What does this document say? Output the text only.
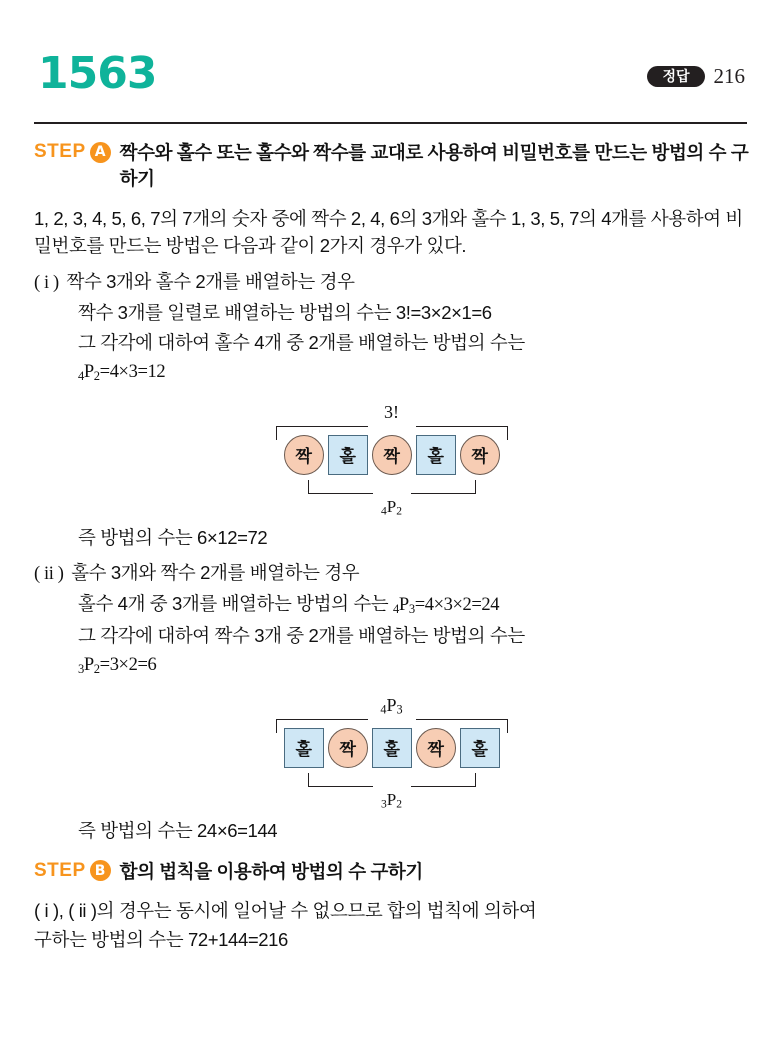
1563	정답	216
STEP A 짝수와 홀수 또는 홀수와 짝수를 교대로 사용하여 비밀번호를 만드는 방법의 수 구하기
1, 2, 3, 4, 5, 6, 7의 7개의 숫자 중에 짝수 2, 4, 6의 3개와 홀수 1, 3, 5, 7의 4개를 사용하여 비밀번호를 만드는 방법은 다음과 같이 2가지 경우가 있다.
( i ) 짝수 3개와 홀수 2개를 배열하는 경우
짝수 3개를 일렬로 배열하는 방법의 수는 3!=3×2×1=6
그 각각에 대하여 홀수 4개 중 2개를 배열하는 방법의 수는
$_4P_2=4\times 3=12$
3!
짝	홀	짝	홀	짝
$_4P_2$
즉 방법의 수는 6×12=72
( ii ) 홀수 3개와 짝수 2개를 배열하는 경우
홀수 4개 중 3개를 배열하는 방법의 수는 $_4P_3=4\times 3\times 2=24$
그 각각에 대하여 짝수 3개 중 2개를 배열하는 방법의 수는
$_3P_2=3\times 2=6$
$_4P_3$
홀	짝	홀	짝	홀
$_3P_2$
즉 방법의 수는 24×6=144
STEP B 합의 법칙을 이용하여 방법의 수 구하기
( i ), ( ii )의 경우는 동시에 일어날 수 없으므로 합의 법칙에 의하여
구하는 방법의 수는 72+144=216
